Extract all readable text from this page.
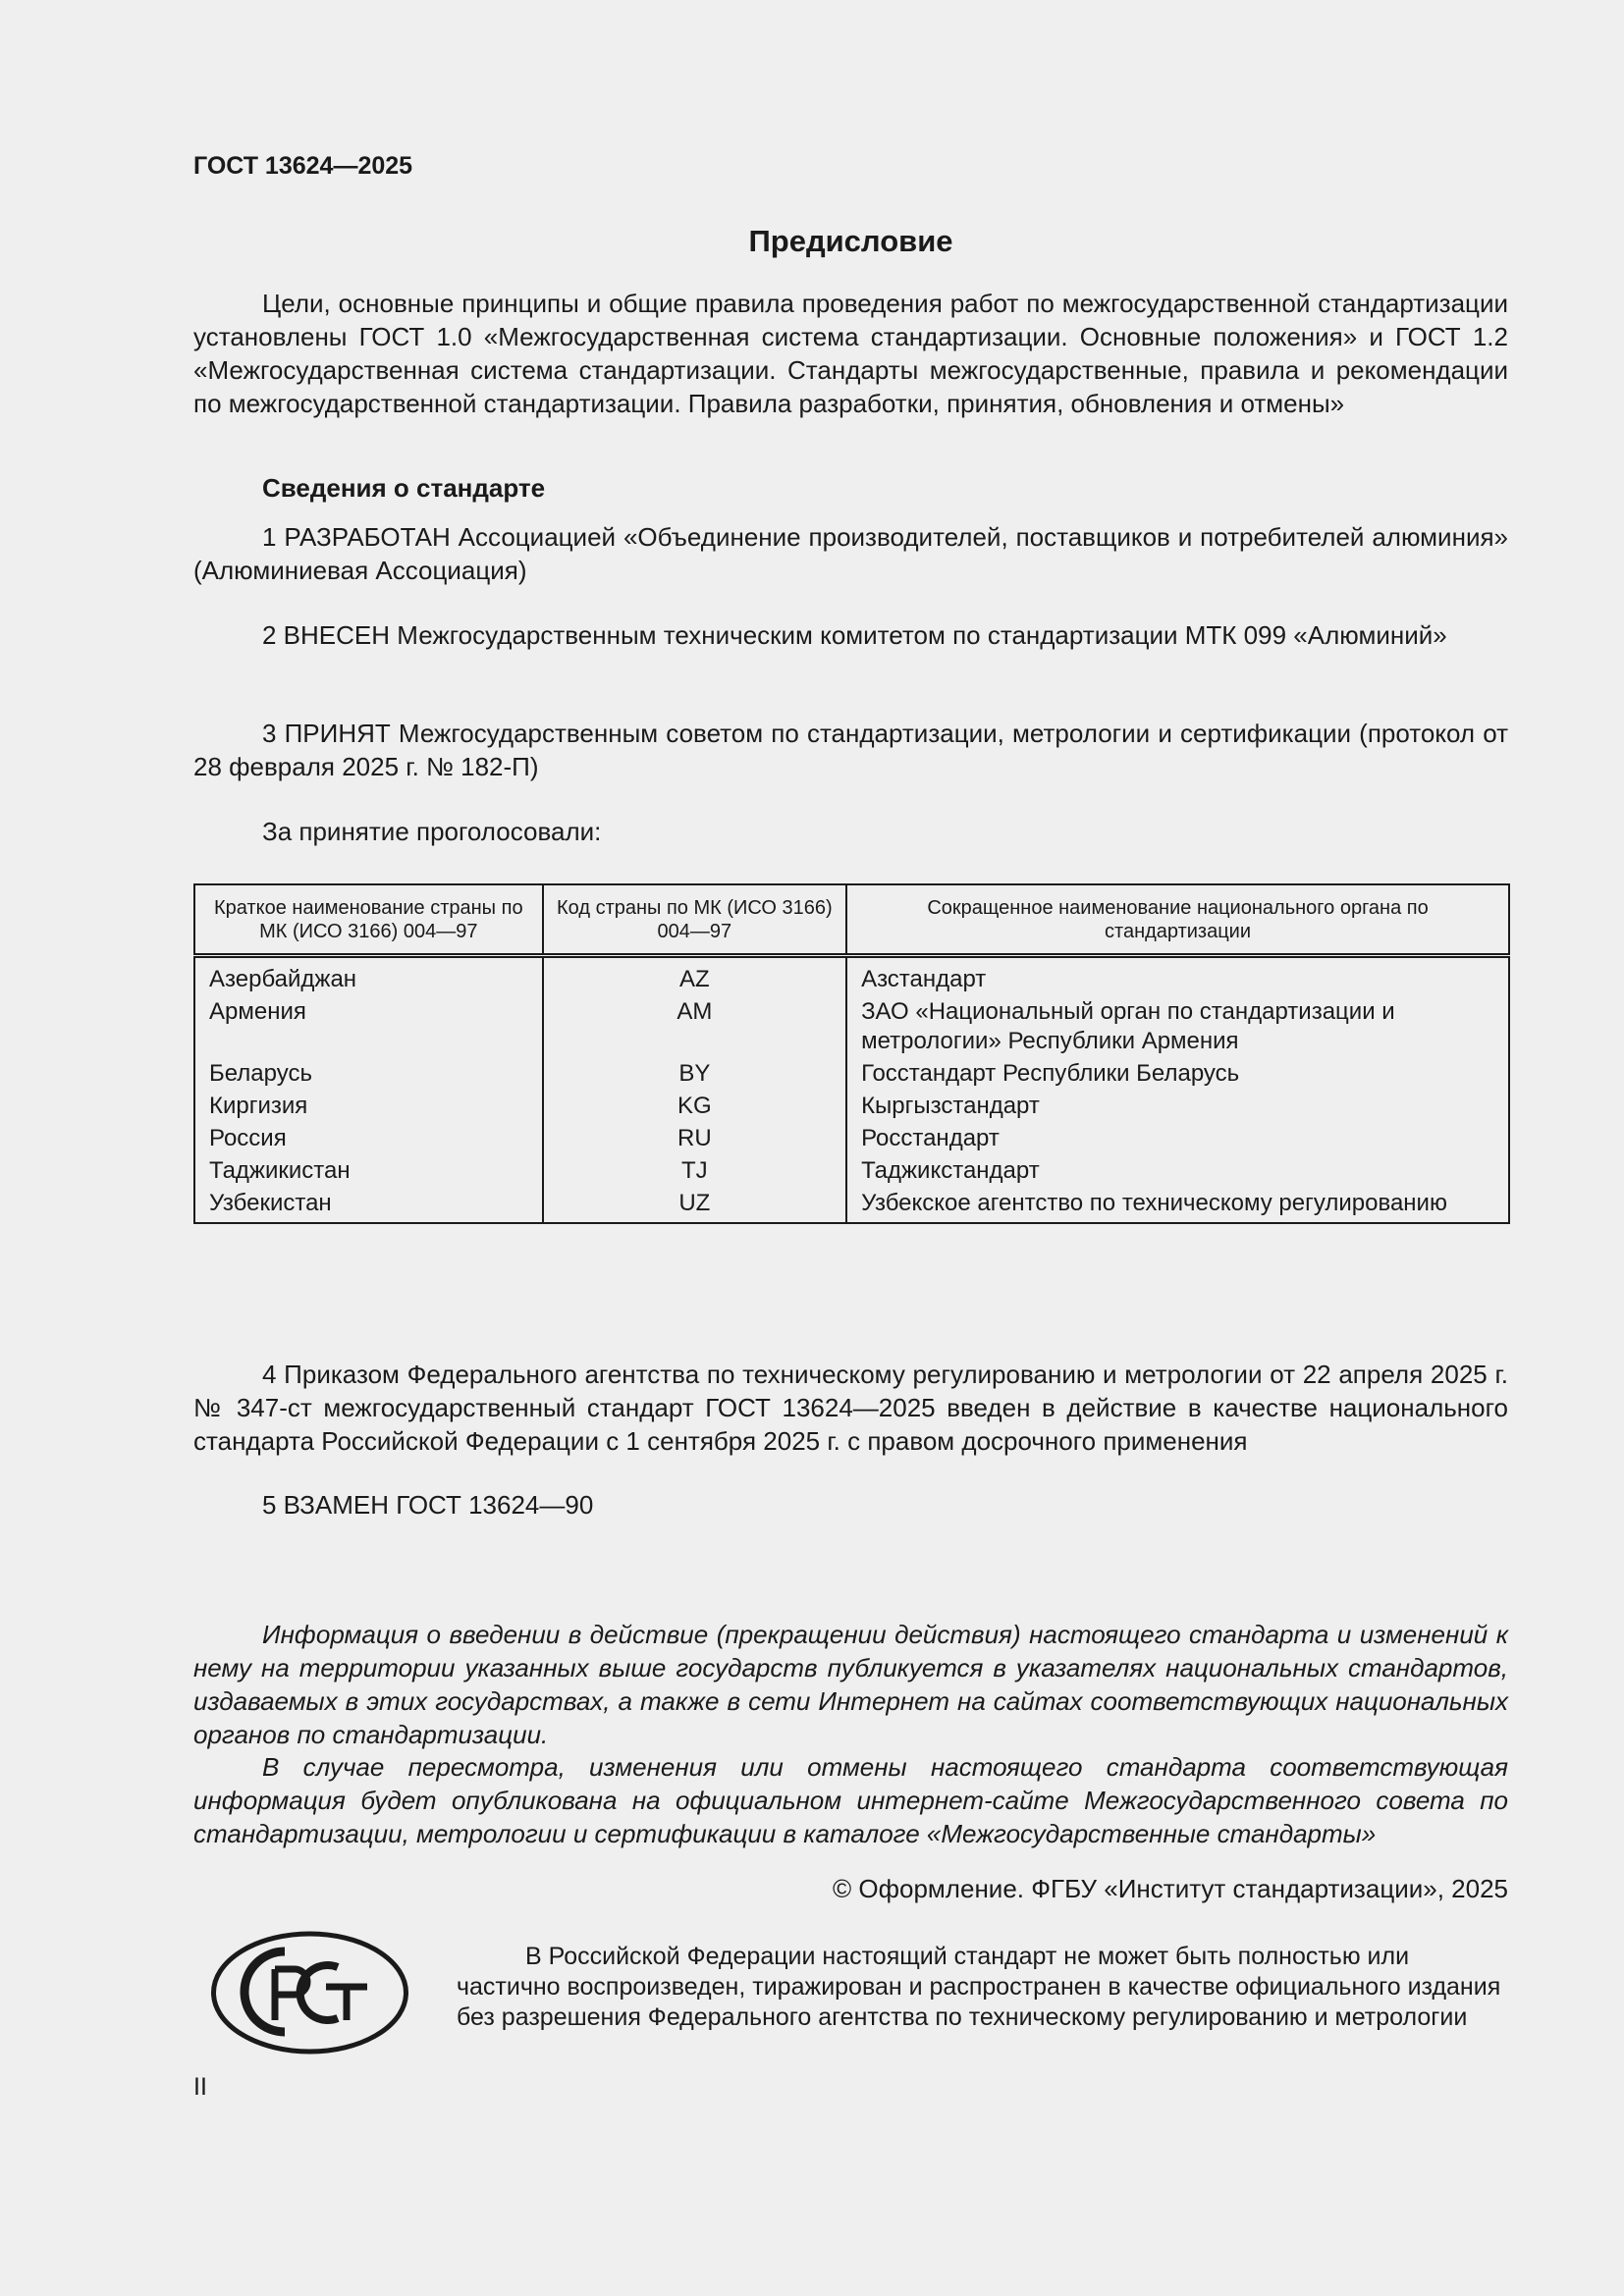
ГОСТ 13624—2025
Предисловие

Цели, основные принципы и общие правила проведения работ по межгосударственной стандартизации установлены ГОСТ 1.0 «Межгосударственная система стандартизации. Основные положения» и ГОСТ 1.2 «Межгосударственная система стандартизации. Стандарты межгосударственные, правила и рекомендации по межгосударственной стандартизации. Правила разработки, принятия, обновления и отмены»

Сведения о стандарте

1 РАЗРАБОТАН Ассоциацией «Объединение производителей, поставщиков и потребителей алюминия» (Алюминиевая Ассоциация)

2 ВНЕСЕН Межгосударственным техническим комитетом по стандартизации МТК 099 «Алюминий»

3 ПРИНЯТ Межгосударственным советом по стандартизации, метрологии и сертификации (протокол от 28 февраля 2025 г. № 182-П)

За принятие проголосовали:

Краткое наименование страны по МК (ИСО 3166) 004—97	Код страны по МК (ИСО 3166) 004—97	Сокращенное наименование национального органа по стандартизации
Азербайджан	AZ	Азстандарт
Армения	AM	ЗАО «Национальный орган по стандартизации и метрологии» Республики Армения
Беларусь	BY	Госстандарт Республики Беларусь
Киргизия	KG	Кыргызстандарт
Россия	RU	Росстандарт
Таджикистан	TJ	Таджикстандарт
Узбекистан	UZ	Узбекское агентство по техническому регулированию

4 Приказом Федерального агентства по техническому регулированию и метрологии от 22 апреля 2025 г. № 347-ст межгосударственный стандарт ГОСТ 13624—2025 введен в действие в качестве национального стандарта Российской Федерации с 1 сентября 2025 г. с правом досрочного применения

5 ВЗАМЕН ГОСТ 13624—90

Информация о введении в действие (прекращении действия) настоящего стандарта и изменений к нему на территории указанных выше государств публикуется в указателях национальных стандартов, издаваемых в этих государствах, а также в сети Интернет на сайтах соответствующих национальных органов по стандартизации.

В случае пересмотра, изменения или отмены настоящего стандарта соответствующая информация будет опубликована на официальном интернет-сайте Межгосударственного совета по стандартизации, метрологии и сертификации в каталоге «Межгосударственные стандарты»

© Оформление. ФГБУ «Институт стандартизации», 2025

В Российской Федерации настоящий стандарт не может быть полностью или частично воспроизведен, тиражирован и распространен в качестве официального издания без разрешения Федерального агентства по техническому регулированию и метрологии

II
